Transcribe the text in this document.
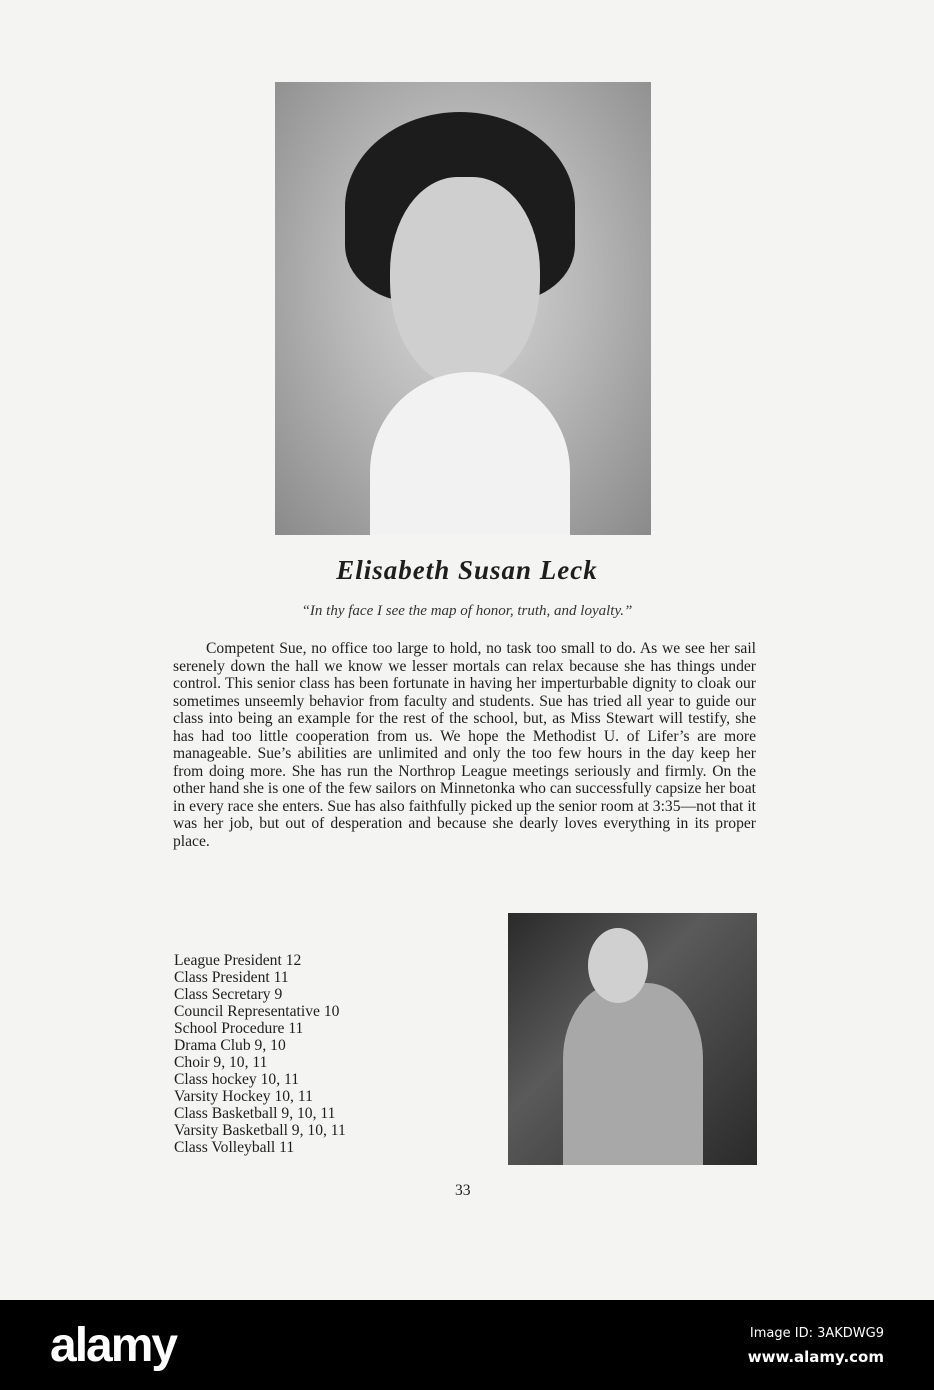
Elisabeth Susan Leck
“In thy face I see the map of honor, truth, and loyalty.”
Competent Sue, no office too large to hold, no task too small to do. As we see her sail serenely down the hall we know we lesser mortals can relax because she has things under control. This senior class has been fortunate in having her imperturbable dignity to cloak our sometimes unseemly behavior from faculty and students. Sue has tried all year to guide our class into being an example for the rest of the school, but, as Miss Stewart will testify, she has had too little cooperation from us. We hope the Methodist U. of Lifer’s are more manageable. Sue’s abilities are unlimited and only the too few hours in the day keep her from doing more. She has run the Northrop League meetings seriously and firmly. On the other hand she is one of the few sailors on Minnetonka who can successfully capsize her boat in every race she enters. Sue has also faithfully picked up the senior room at 3:35—not that it was her job, but out of desperation and because she dearly loves everything in its proper place.
League President 12
Class President 11
Class Secretary 9
Council Representative 10
School Procedure 11
Drama Club 9, 10
Choir 9, 10, 11
Class hockey 10, 11
Varsity Hockey 10, 11
Class Basketball 9, 10, 11
Varsity Basketball 9, 10, 11
Class Volleyball 11
33
alamy	Image ID: 3AKDWG9
www.alamy.com
